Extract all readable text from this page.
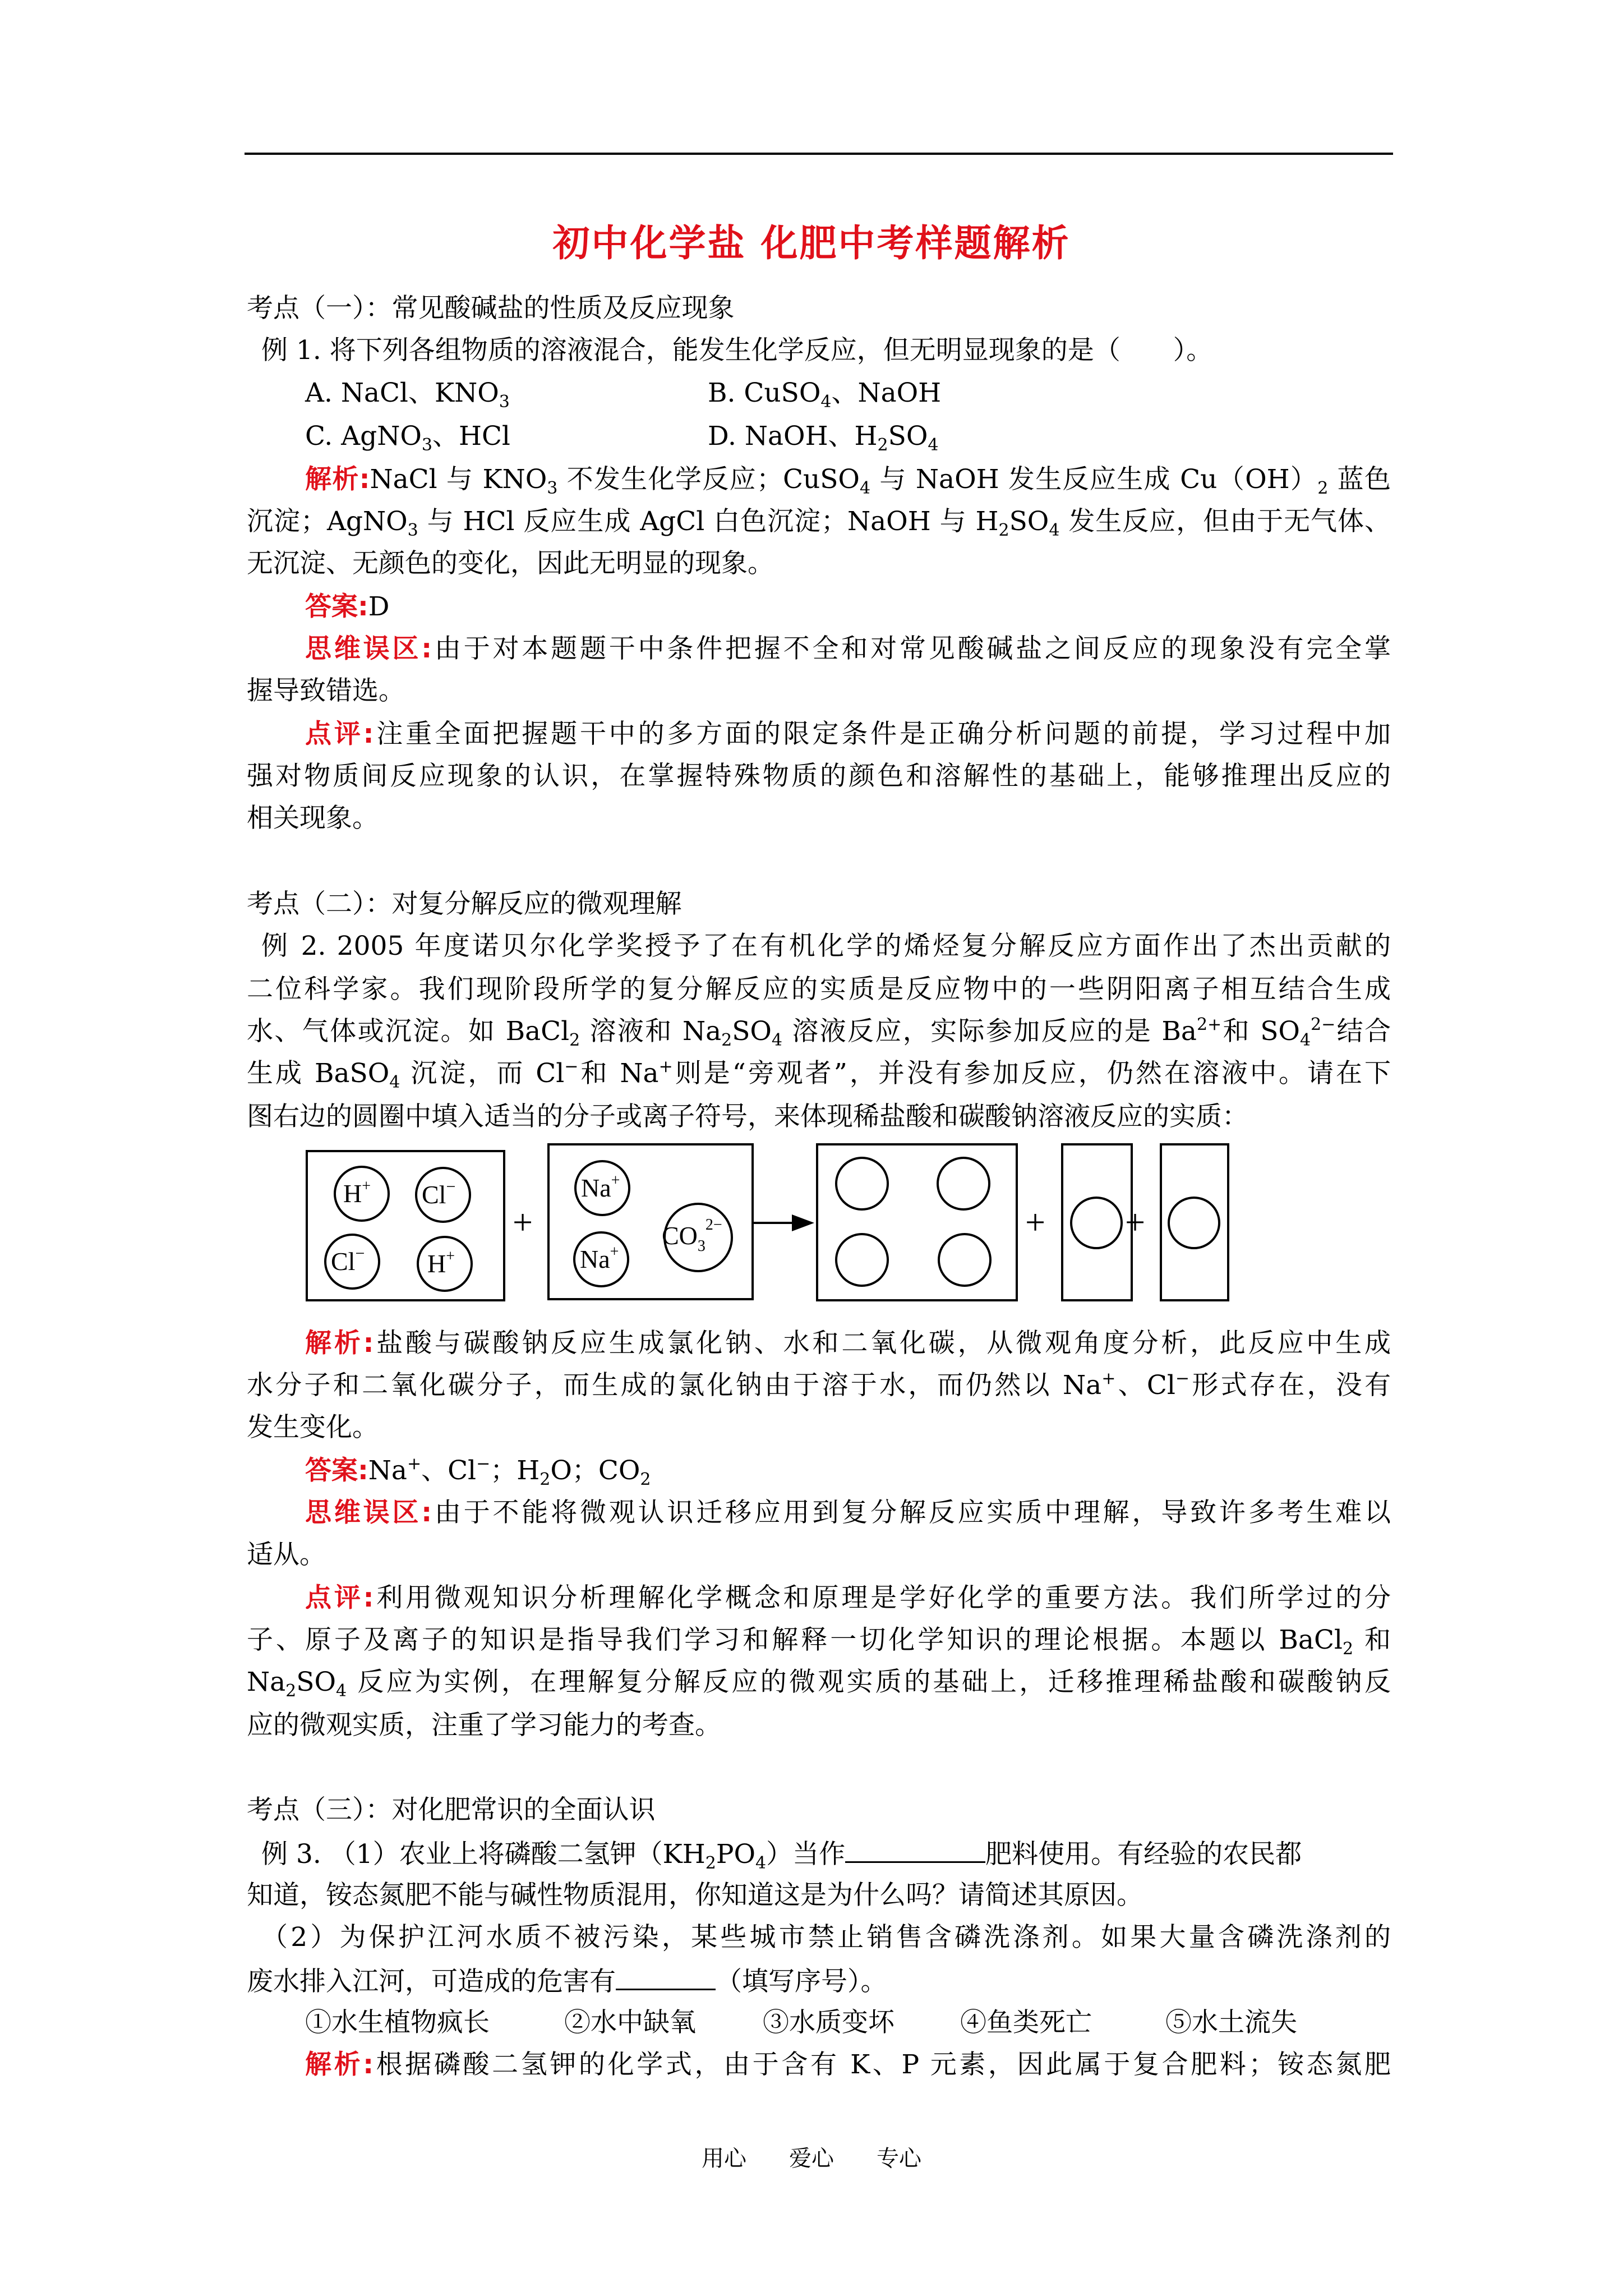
初中化学盐 化肥中考样题解析
考点（一）：常见酸碱盐的性质及反应现象
例 1. 将下列各组物质的溶液混合，能发生化学反应，但无明显现象的是（　　）。
A. NaCl、$KNO_3$	B. CuSO$_4$、NaOH
C. AgNO$_3$、HCl	D. NaOH、$H_2SO_4$
解析:NaCl 与 $KNO_3$ 不发生化学反应；CuSO$_4$ 与 NaOH 发生反应生成 $Cu(OH)_2$ 蓝色
沉淀；AgNO$_3$ 与 HCl 反应生成 AgCl 白色沉淀；NaOH 与 $H_2SO_4$ 发生反应，但由于无气体、
无沉淀、无颜色的变化，因此无明显的现象。
答案:D
思维误区:由于对本题题干中条件把握不全和对常见酸碱盐之间反应的现象没有完全掌
握导致错选。
点评:注重全面把握题干中的多方面的限定条件是正确分析问题的前提，学习过程中加
强对物质间反应现象的认识，在掌握特殊物质的颜色和溶解性的基础上，能够推理出反应的
相关现象。
考点（二）：对复分解反应的微观理解
例 2. 2005 年度诺贝尔化学奖授予了在有机化学的烯烃复分解反应方面作出了杰出贡献的
二位科学家。我们现阶段所学的复分解反应的实质是反应物中的一些阴阳离子相互结合生成
水、气体或沉淀。如 BaCl$_2$ 溶液和 $Na_2SO_4$ 溶液反应，实际参加反应的是 $Ba^{2+}$和 $SO_4^{2-}$结合
生成 BaSO$_4$ 沉淀，而 Cl−和 Na+则是“旁观者”，并没有参加反应，仍然在溶液中。请在下
图右边的圆圈中填入适当的分子或离子符号，来体现稀盐酸和碳酸钠溶液反应的实质：
H+ Cl−
Cl− H+
Na+
Na+
$CO_3^{2-}$
+	+ +
解析:盐酸与碳酸钠反应生成氯化钠、水和二氧化碳，从微观角度分析，此反应中生成
水分子和二氧化碳分子，而生成的氯化钠由于溶于水，而仍然以 Na+、Cl−形式存在，没有
发生变化。
答案:Na+、Cl−；$H_2O$；$CO_2$
思维误区:由于不能将微观认识迁移应用到复分解反应实质中理解，导致许多考生难以
适从。
点评:利用微观知识分析理解化学概念和原理是学好化学的重要方法。我们所学过的分
子、原子及离子的知识是指导我们学习和解释一切化学知识的理论根据。本题以 BaCl$_2$ 和
$Na_2SO_4$ 反应为实例，在理解复分解反应的微观实质的基础上，迁移推理稀盐酸和碳酸钠反
应的微观实质，注重了学习能力的考查。
考点（三）：对化肥常识的全面认识
例 3. （1）农业上将磷酸二氢钾$(KH_2PO_4)$当作	肥料使用。有经验的农民都
知道，铵态氮肥不能与碱性物质混用，你知道这是为什么吗？请简述其原因。
（2）为保护江河水质不被污染，某些城市禁止销售含磷洗涤剂。如果大量含磷洗涤剂的
废水排入江河，可造成的危害有	（填写序号）。
①水生植物疯长	②水中缺氧	③水质变坏 ④鱼类死亡	⑤水土流失
解析:根据磷酸二氢钾的化学式，由于含有 K、P 元素，因此属于复合肥料；铵态氮肥
用心 爱心 专心
